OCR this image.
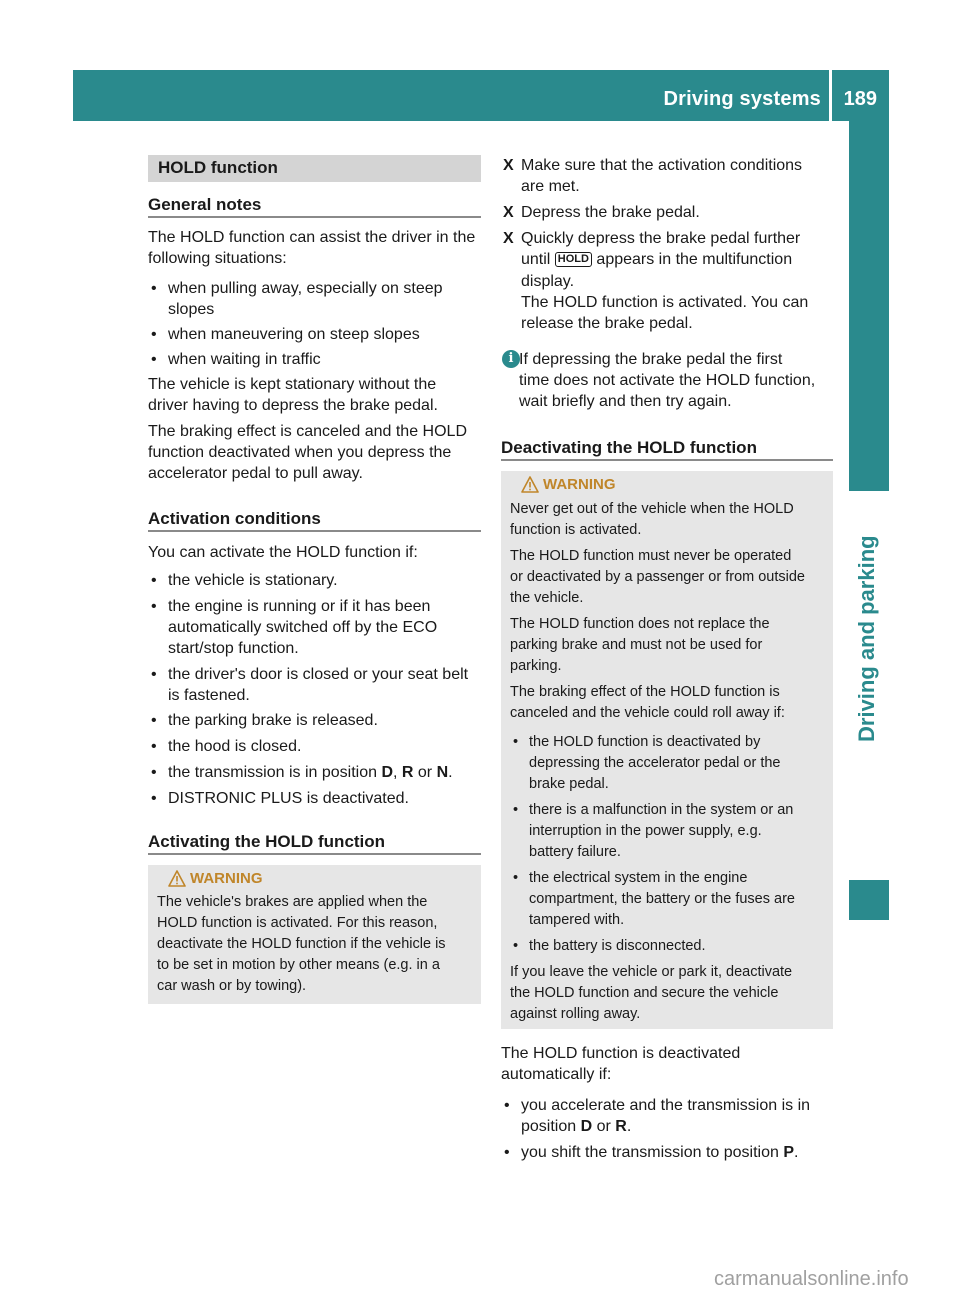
Driving systems 189
Driving and parking
HOLD function
General notes

The HOLD function can assist the driver in the

following situations:

• when pulling away, especially on steep
slopes
• when maneuvering on steep slopes
• when waiting in traffic

The vehicle is kept stationary without the

driver having to depress the brake pedal.

The braking effect is canceled and the HOLD

function deactivated when you depress the

accelerator pedal to pull away.

Activation conditions

You can activate the HOLD function if:

• the vehicle is stationary.
• the engine is running or if it has been
automatically switched off by the ECO
start/stop function.
• the driver's door is closed or your seat belt
is fastened.
• the parking brake is released.
• the hood is closed.
• the transmission is in position D, R or N.
• DISTRONIC PLUS is deactivated.
Activating the HOLD function
WARNING

The vehicle's brakes are applied when the

HOLD function is activated. For this reason,

deactivate the HOLD function if the vehicle is

to be set in motion by other means (e.g. in a

car wash or by towing).

X Make sure that the activation conditions
are met.
X Depress the brake pedal.
X Quickly depress the brake pedal further
until HOLD appears in the multifunction
display.
The HOLD function is activated. You can
release the brake pedal.
i If depressing the brake pedal the first

time does not activate the HOLD function,

wait briefly and then try again.

Deactivating the HOLD function
WARNING

Never get out of the vehicle when the HOLD

function is activated.

The HOLD function must never be operated

or deactivated by a passenger or from outside

the vehicle.

The HOLD function does not replace the

parking brake and must not be used for

parking.

The braking effect of the HOLD function is

canceled and the vehicle could roll away if:

• the HOLD function is deactivated by
depressing the accelerator pedal or the
brake pedal.
• there is a malfunction in the system or an
interruption in the power supply, e.g.
battery failure.
• the electrical system in the engine
compartment, the battery or the fuses are
tampered with.
• the battery is disconnected.

If you leave the vehicle or park it, deactivate

the HOLD function and secure the vehicle

against rolling away.

The HOLD function is deactivated

automatically if:

• you accelerate and the transmission is in
position D or R.
• you shift the transmission to position P.
carmanualsonline.info
